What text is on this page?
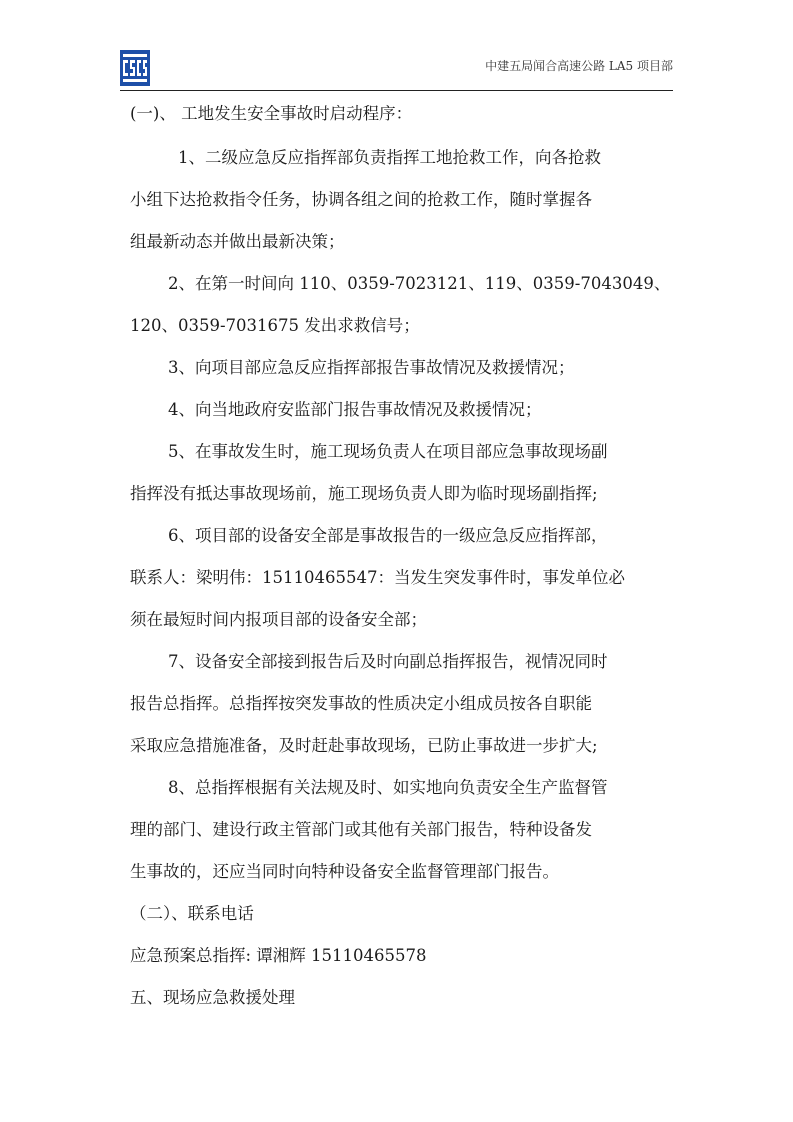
中建五局闻合高速公路 LA5 项目部
(一)、 工地发生安全事故时启动程序：
1、二级应急反应指挥部负责指挥工地抢救工作，向各抢救
小组下达抢救指令任务，协调各组之间的抢救工作，随时掌握各
组最新动态并做出最新决策；
2、在第一时间向 110、0359-7023121、119、0359-7043049、
120、0359-7031675 发出求救信号；
3、向项目部应急反应指挥部报告事故情况及救援情况；
4、向当地政府安监部门报告事故情况及救援情况；
5、在事故发生时，施工现场负责人在项目部应急事故现场副
指挥没有抵达事故现场前，施工现场负责人即为临时现场副指挥;
6、项目部的设备安全部是事故报告的一级应急反应指挥部，
联系人：梁明伟：15110465547：当发生突发事件时，事发单位必
须在最短时间内报项目部的设备安全部；
7、设备安全部接到报告后及时向副总指挥报告，视情况同时
报告总指挥。总指挥按突发事故的性质决定小组成员按各自职能
采取应急措施准备，及时赶赴事故现场，已防止事故进一步扩大;
8、总指挥根据有关法规及时、如实地向负责安全生产监督管
理的部门、建设行政主管部门或其他有关部门报告，特种设备发
生事故的，还应当同时向特种设备安全监督管理部门报告。
（二）、联系电话
应急预案总指挥: 谭湘辉 15110465578
五、现场应急救援处理
